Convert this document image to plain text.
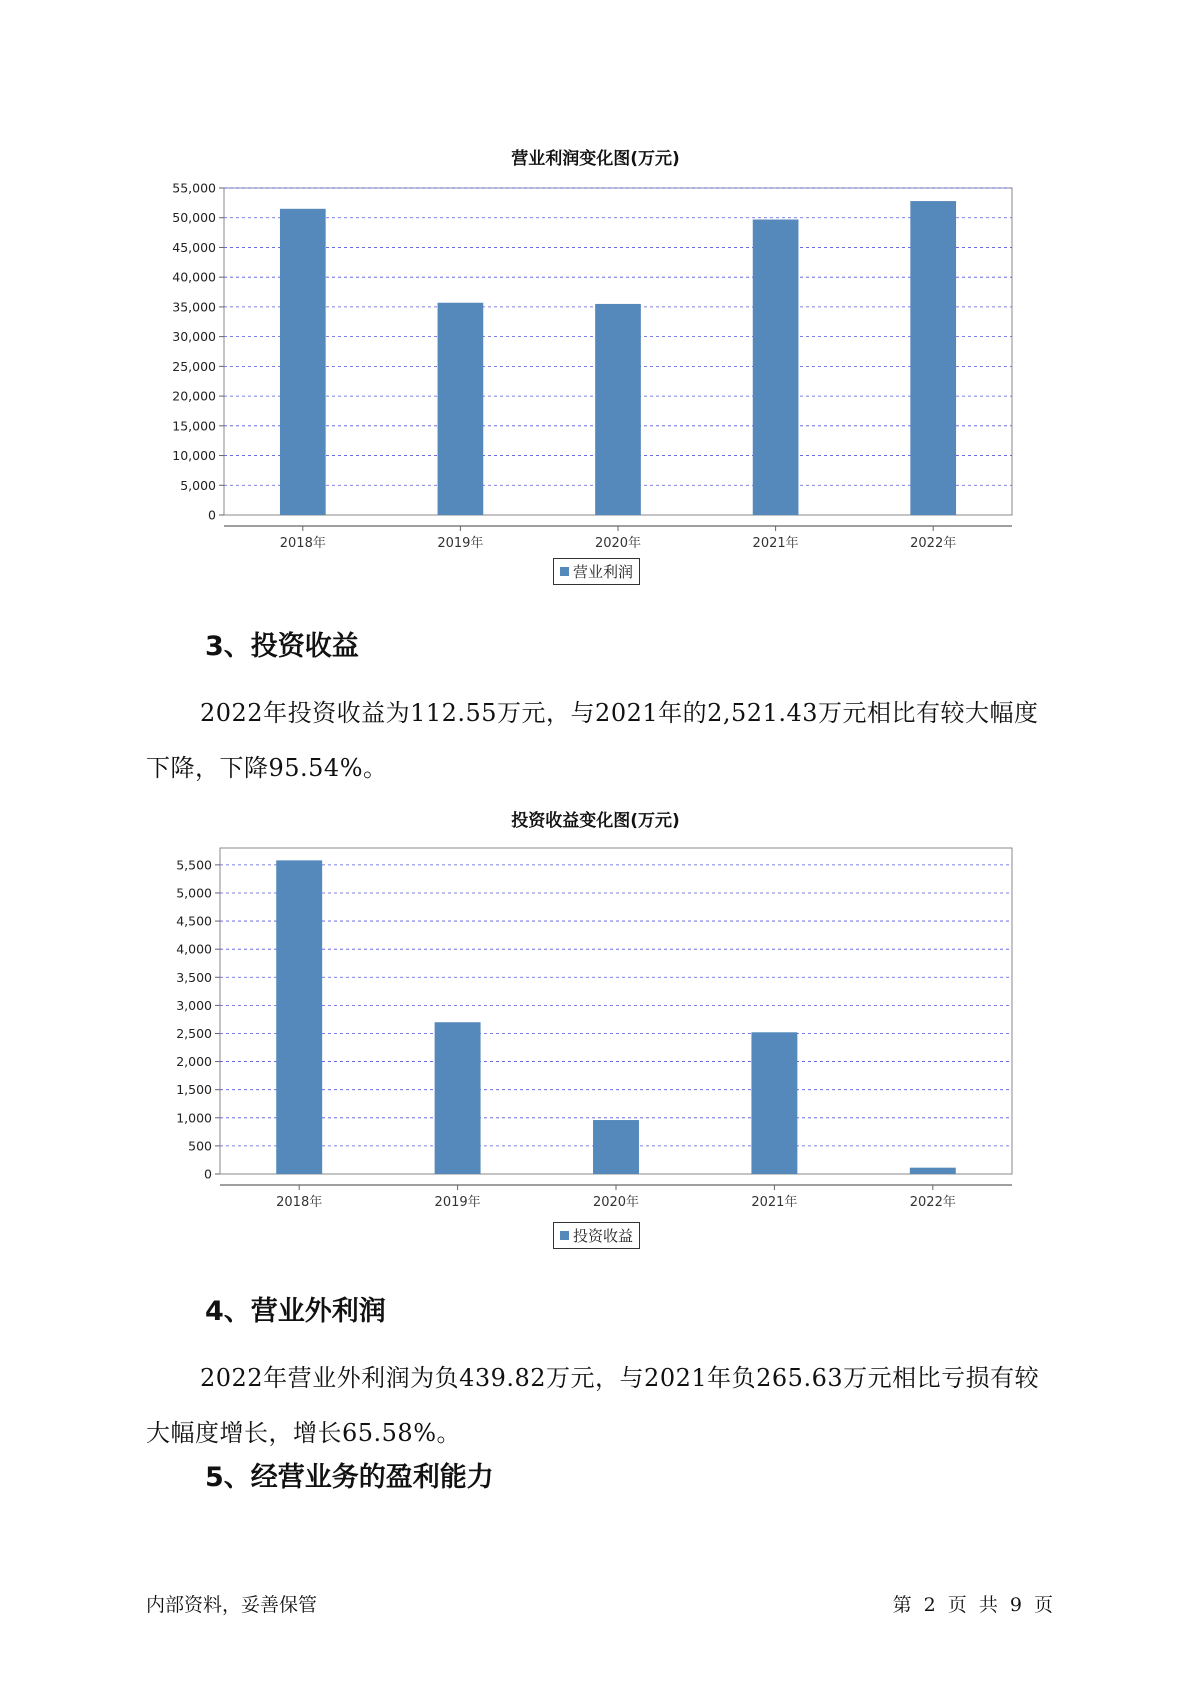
营业利润变化图(万元)
0
5,000
10,000
15,000
20,000
25,000
30,000
35,000
40,000
45,000
50,000
55,000
2018年	2019年	2020年	2021年	2022年
营业利润
3、投资收益

2022年投资收益为112.55万元，与2021年的2,521.43万元相比有较大幅度下降，下降95.54%。

投资收益变化图(万元)
0
500
1,000
1,500
2,000
2,500
3,000
3,500
4,000
4,500
5,000
5,500
2018年	2019年	2020年	2021年	2022年
投资收益
4、营业外利润

2022年营业外利润为负439.82万元，与2021年负265.63万元相比亏损有较大幅度增长，增长65.58%。

5、经营业务的盈利能力
内部资料，妥善保管	第 2 页 共 9 页
